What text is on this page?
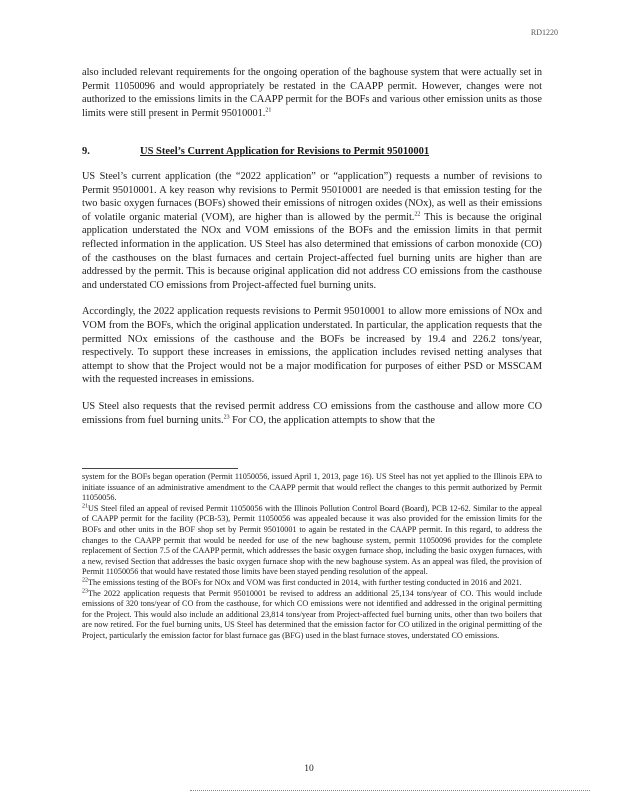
RD1220

also included relevant requirements for the ongoing operation of the baghouse system that were actually set in Permit 11050096 and would appropriately be restated in the CAAPP permit. However, changes were not authorized to the emissions limits in the CAAPP permit for the BOFs and various other emission units as those limits were still present in Permit 95010001.21

9.	US Steel’s Current Application for Revisions to Permit 95010001

US Steel’s current application (the “2022 application” or “application”) requests a number of revisions to Permit 95010001. A key reason why revisions to Permit 95010001 are needed is that emission testing for the two basic oxygen furnaces (BOFs) showed their emissions of nitrogen oxides (NOx), as well as their emissions of volatile organic material (VOM), are higher than is allowed by the permit.$^{22}$ This is because the original application understated the NOx and VOM emissions of the BOFs and the emission limits in that permit reflected information in the application. US Steel has also determined that emissions of carbon monoxide (CO) of the casthouses on the blast furnaces and certain Project-affected fuel burning units are higher than are addressed by the permit. This is because original application did not address CO emissions from the casthouse and understated CO emissions from Project-affected fuel burning units.

Accordingly, the 2022 application requests revisions to Permit 95010001 to allow more emissions of NOx and VOM from the BOFs, which the original application understated. In particular, the application requests that the permitted NOx emissions of the casthouse and the BOFs be increased by 19.4 and 226.2 tons/year, respectively. To support these increases in emissions, the application includes revised netting analyses that attempt to show that the Project would not be a major modification for purposes of either PSD or MSSCAM with the requested increases in emissions.

US Steel also requests that the revised permit address CO emissions from the casthouse and allow more CO emissions from fuel burning units.$^{23}$ For CO, the application attempts to show that the

system for the BOFs began operation (Permit 11050056, issued April 1, 2013, page 16). US Steel has not yet applied to the Illinois EPA to initiate issuance of an administrative amendment to the CAAPP permit that would reflect the changes to this permit authorized by Permit 11050056.

$^{21}$US Steel filed an appeal of revised Permit 11050056 with the Illinois Pollution Control Board (Board), PCB 12-62. Similar to the appeal of CAAPP permit for the facility (PCB-53), Permit 11050056 was appealed because it was also provided for the emission limits for the BOFs and other units in the BOF shop set by Permit 95010001 to again be restated in the CAAPP permit. In this regard, to address the changes to the CAAPP permit that would be needed for use of the new baghouse system, permit 11050096 provides for the complete replacement of Section 7.5 of the CAAPP permit, which addresses the basic oxygen furnace shop, including the basic oxygen furnaces, with a new, revised Section that addresses the basic oxygen furnace shop with the new baghouse system. As an appeal was filed, the provision of Permit 11050056 that would have restated those limits have been stayed pending resolution of the appeal.

$^{22}$The emissions testing of the BOFs for NOx and VOM was first conducted in 2014, with further testing conducted in 2016 and 2021.

$^{23}$The 2022 application requests that Permit 95010001 be revised to address an additional 25,134 tons/year of CO. This would include emissions of 320 tons/year of CO from the casthouse, for which CO emissions were not identified and addressed in the original permitting for the Project. This would also include an additional 23,814 tons/year from Project-affected fuel burning units, other than two boilers that are now retired. For the fuel burning units, US Steel has determined that the emission factor for CO utilized in the original permitting of the Project, particularly the emission factor for blast furnace gas (BFG) used in the blast furnace stoves, understated CO emissions.

10
